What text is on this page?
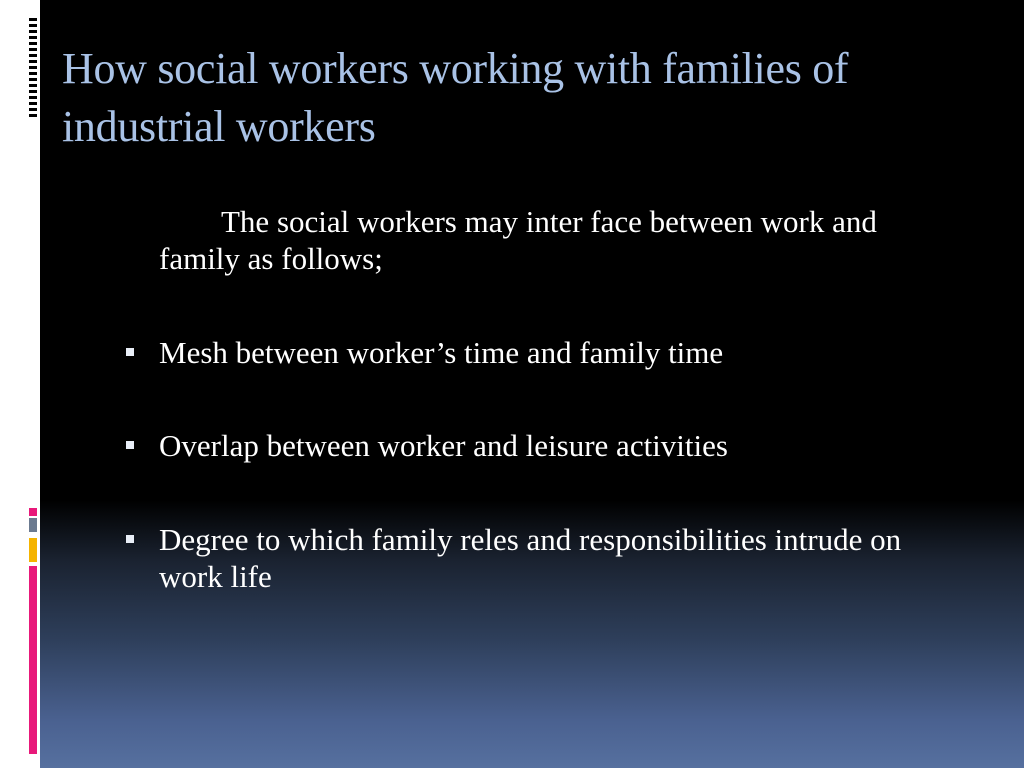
How social workers working with families of industrial workers

The social workers may inter face between work and family as follows;

Mesh between worker’s time and family time
Overlap between worker and leisure activities
Degree to which family reles and responsibilities intrude on work life
